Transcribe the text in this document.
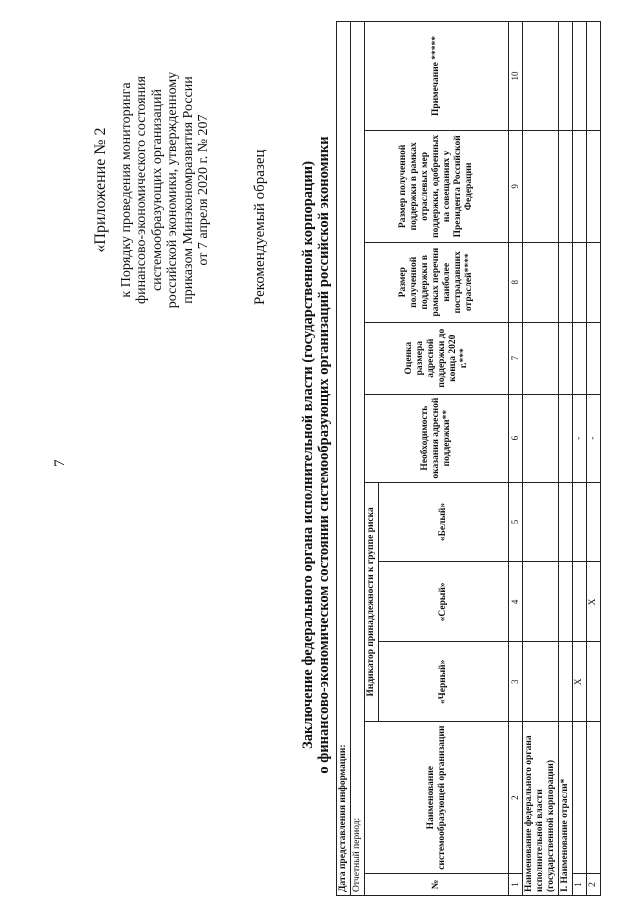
7
«Приложение № 2 к Порядку проведения мониторинга финансово-экономического состояния системообразующих организаций российской экономики, утвержденному приказом Минэкономразвития России от 7 апреля 2020 г. № 207	Рекомендуемый образец Заключение федерального органа исполнительной власти (государственной корпорации) о финансово-экономическом состоянии системообразующих организаций российской экономики
Дата представления информации:									
Отчетный период:									
№	Наименование системообразующей организации	Индикатор принадлежности к группе риска			Необходимость оказания адресной поддержки**	Оценка размера адресной поддержки до конца 2020 г.***	Размер полученной поддержки в рамках перечня наиболее пострадавших отраслей****	Размер полученной поддержки в рамках отраслевых мер поддержки, одобренных на совещаниях у Президента Российской Федерации	Примечание *****
		«Черный»	«Серый»	«Белый»					
1	2	3	4	5	6	7	8	9	10
Наименование федерального органа исполнительной власти (государственной корпорации)									
I. Наименование отрасли*									
1		X			-				
2			X		-				
